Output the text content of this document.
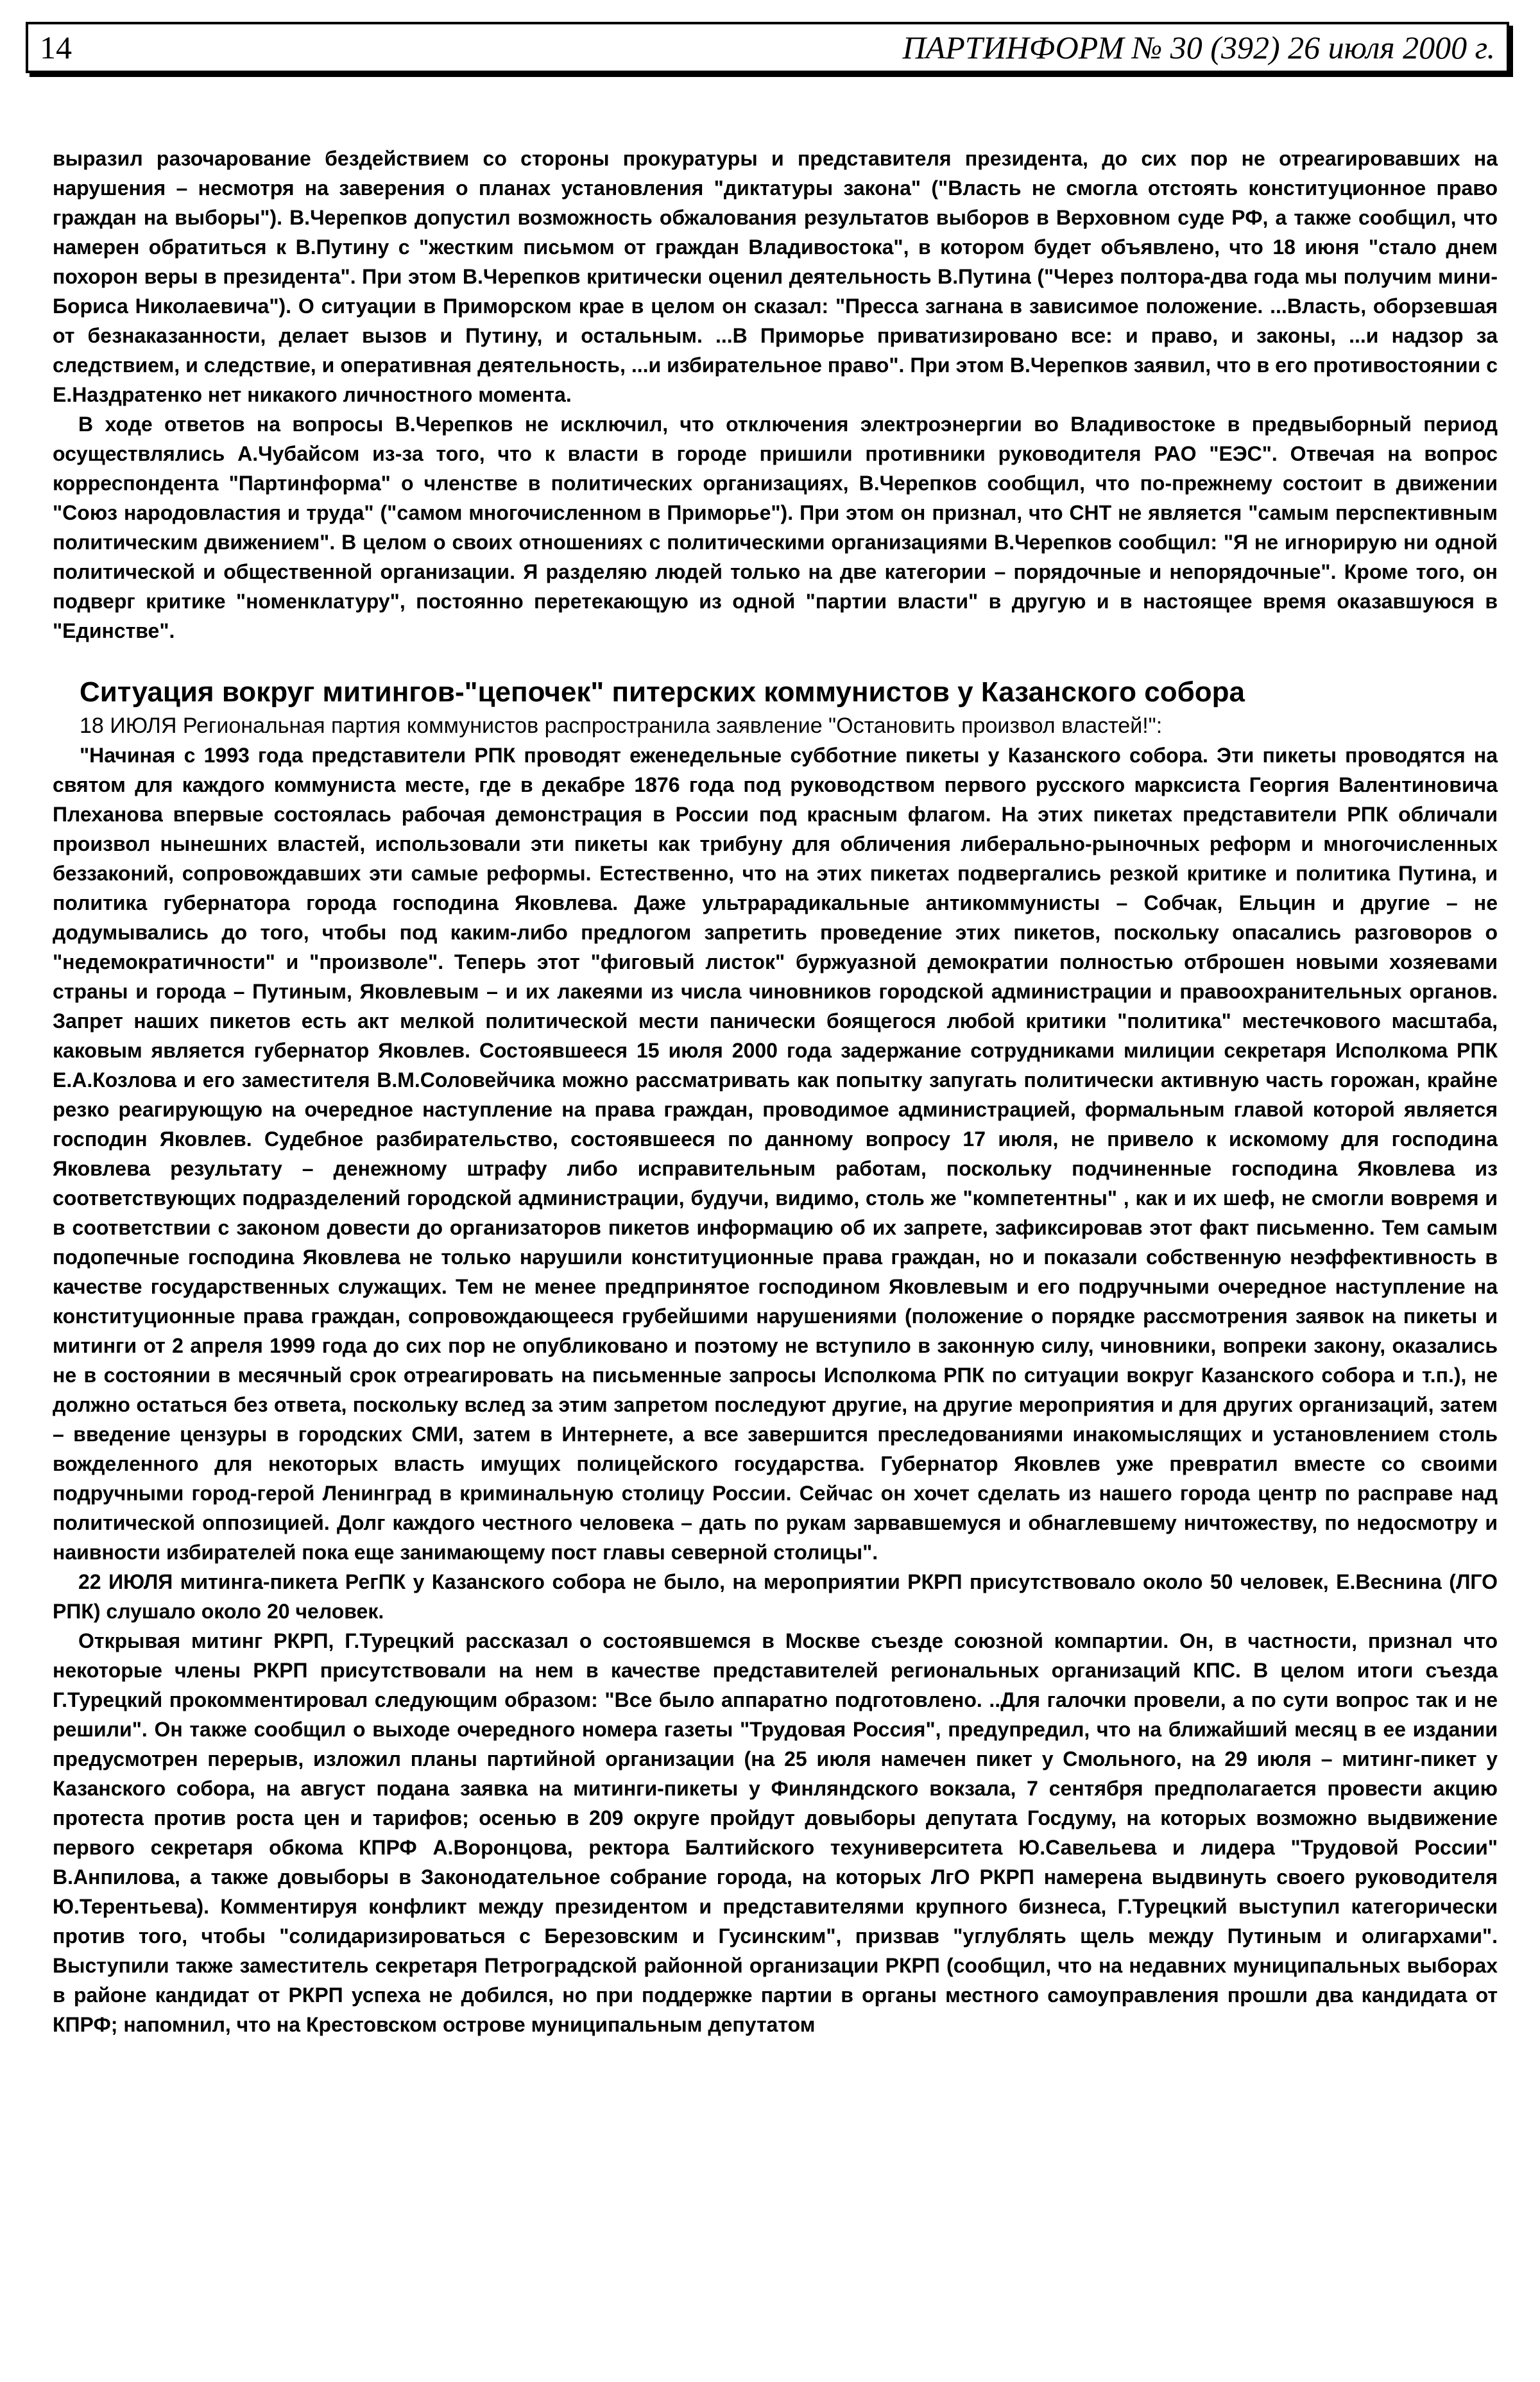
14	ПАРТИНФОРМ № 30 (392) 26 июля 2000 г.

выразил разочарование бездействием со стороны прокуратуры и представителя президента, до сих пор не отреагировавших на нарушения – несмотря на заверения о планах установления "диктатуры закона" ("Власть не смогла отстоять конституционное право граждан на выборы"). В.Черепков допустил возможность обжалования результатов выборов в Верховном суде РФ, а также сообщил, что намерен обратиться к В.Путину с "жестким письмом от граждан Владивостока", в котором будет объявлено, что 18 июня "стало днем похорон веры в президента". При этом В.Черепков критически оценил деятельность В.Путина ("Через полтора-два года мы получим мини-Бориса Николаевича"). О ситуации в Приморском крае в целом он сказал: "Пресса загнана в зависимое положение. ...Власть, оборзевшая от безнаказанности, делает вызов и Путину, и остальным. ...В Приморье приватизировано все: и право, и законы, ...и надзор за следствием, и следствие, и оперативная деятельность, ...и избирательное право". При этом В.Черепков заявил, что в его противостоянии с Е.Наздратенко нет никакого личностного момента.

В ходе ответов на вопросы В.Черепков не исключил, что отключения электроэнергии во Владивостоке в предвыборный период осуществлялись А.Чубайсом из-за того, что к власти в городе пришили противники руководителя РАО "ЕЭС". Отвечая на вопрос корреспондента "Партинформа" о членстве в политических организациях, В.Черепков сообщил, что по-прежнему состоит в движении "Союз народовластия и труда" ("самом многочисленном в Приморье"). При этом он признал, что СНТ не является "самым перспективным политическим движением". В целом о своих отношениях с политическими организациями В.Черепков сообщил: "Я не игнорирую ни одной политической и общественной организации. Я разделяю людей только на две категории – порядочные и непорядочные". Кроме того, он подверг критике "номенклатуру", постоянно перетекающую из одной "партии власти" в другую и в настоящее время оказавшуюся в "Единстве".

Ситуация вокруг митингов-"цепочек" питерских коммунистов у Казанского собора
18 ИЮЛЯ Региональная партия коммунистов распространила заявление "Остановить произвол властей!":

"Начиная с 1993 года представители РПК проводят еженедельные субботние пикеты у Казанского собора. Эти пикеты проводятся на святом для каждого коммуниста месте, где в декабре 1876 года под руководством первого русского марксиста Георгия Валентиновича Плеханова впервые состоялась рабочая демонстрация в России под красным флагом. На этих пикетах представители РПК обличали произвол нынешних властей, использовали эти пикеты как трибуну для обличения либерально-рыночных реформ и многочисленных беззаконий, сопровождавших эти самые реформы. Естественно, что на этих пикетах подвергались резкой критике и политика Путина, и политика губернатора города господина Яковлева. Даже ультрарадикальные антикоммунисты – Собчак, Ельцин и другие – не додумывались до того, чтобы под каким-либо предлогом запретить проведение этих пикетов, поскольку опасались разговоров о "недемократичности" и "произволе". Теперь этот "фиговый листок" буржуазной демократии полностью отброшен новыми хозяевами страны и города – Путиным, Яковлевым – и их лакеями из числа чиновников городской администрации и правоохранительных органов. Запрет наших пикетов есть акт мелкой политической мести панически боящегося любой критики "политика" местечкового масштаба, каковым является губернатор Яковлев. Состоявшееся 15 июля 2000 года задержание сотрудниками милиции секретаря Исполкома РПК Е.А.Козлова и его заместителя В.М.Соловейчика можно рассматривать как попытку запугать политически активную часть горожан, крайне резко реагирующую на очередное наступление на права граждан, проводимое администрацией, формальным главой которой является господин Яковлев. Судебное разбирательство, состоявшееся по данному вопросу 17 июля, не привело к искомому для господина Яковлева результату – денежному штрафу либо исправительным работам, поскольку подчиненные господина Яковлева из соответствующих подразделений городской администрации, будучи, видимо, столь же "компетентны" , как и их шеф, не смогли вовремя и в соответствии с законом довести до организаторов пикетов информацию об их запрете, зафиксировав этот факт письменно. Тем самым подопечные господина Яковлева не только нарушили конституционные права граждан, но и показали собственную неэффективность в качестве государственных служащих. Тем не менее предпринятое господином Яковлевым и его подручными очередное наступление на конституционные права граждан, сопровождающееся грубейшими нарушениями (положение о порядке рассмотрения заявок на пикеты и митинги от 2 апреля 1999 года до сих пор не опубликовано и поэтому не вступило в законную силу, чиновники, вопреки закону, оказались не в состоянии в месячный срок отреагировать на письменные запросы Исполкома РПК по ситуации вокруг Казанского собора и т.п.), не должно остаться без ответа, поскольку вслед за этим запретом последуют другие, на другие мероприятия и для других организаций, затем – введение цензуры в городских СМИ, затем в Интернете, а все завершится преследованиями инакомыслящих и установлением столь вожделенного для некоторых власть имущих полицейского государства. Губернатор Яковлев уже превратил вместе со своими подручными город-герой Ленинград в криминальную столицу России. Сейчас он хочет сделать из нашего города центр по расправе над политической оппозицией. Долг каждого честного человека – дать по рукам зарвавшемуся и обнаглевшему ничтожеству, по недосмотру и наивности избирателей пока еще занимающему пост главы северной столицы".

22 ИЮЛЯ митинга-пикета РегПК у Казанского собора не было, на мероприятии РКРП присутствовало около 50 человек, Е.Веснина (ЛГО РПК) слушало около 20 человек.

Открывая митинг РКРП, Г.Турецкий рассказал о состоявшемся в Москве съезде союзной компартии. Он, в частности, признал что некоторые члены РКРП присутствовали на нем в качестве представителей региональных организаций КПС. В целом итоги съезда Г.Турецкий прокомментировал следующим образом: "Все было аппаратно подготовлено. ..Для галочки провели, а по сути вопрос так и не решили". Он также сообщил о выходе очередного номера газеты "Трудовая Россия", предупредил, что на ближайший месяц в ее издании предусмотрен перерыв, изложил планы партийной организации (на 25 июля намечен пикет у Смольного, на 29 июля – митинг-пикет у Казанского собора, на август подана заявка на митинги-пикеты у Финляндского вокзала, 7 сентября предполагается провести акцию протеста против роста цен и тарифов; осенью в 209 округе пройдут довыборы депутата Госдуму, на которых возможно выдвижение первого секретаря обкома КПРФ А.Воронцова, ректора Балтийского техуниверситета Ю.Савельева и лидера "Трудовой России" В.Анпилова, а также довыборы в Законодательное собрание города, на которых ЛгО РКРП намерена выдвинуть своего руководителя Ю.Терентьева). Комментируя конфликт между президентом и представителями крупного бизнеса, Г.Турецкий выступил категорически против того, чтобы "солидаризироваться с Березовским и Гусинским", призвав "углублять щель между Путиным и олигархами". Выступили также заместитель секретаря Петроградской районной организации РКРП (сообщил, что на недавних муниципальных выборах в районе кандидат от РКРП успеха не добился, но при поддержке партии в органы местного самоуправления прошли два кандидата от КПРФ; напомнил, что на Крестовском острове муниципальным депутатом
